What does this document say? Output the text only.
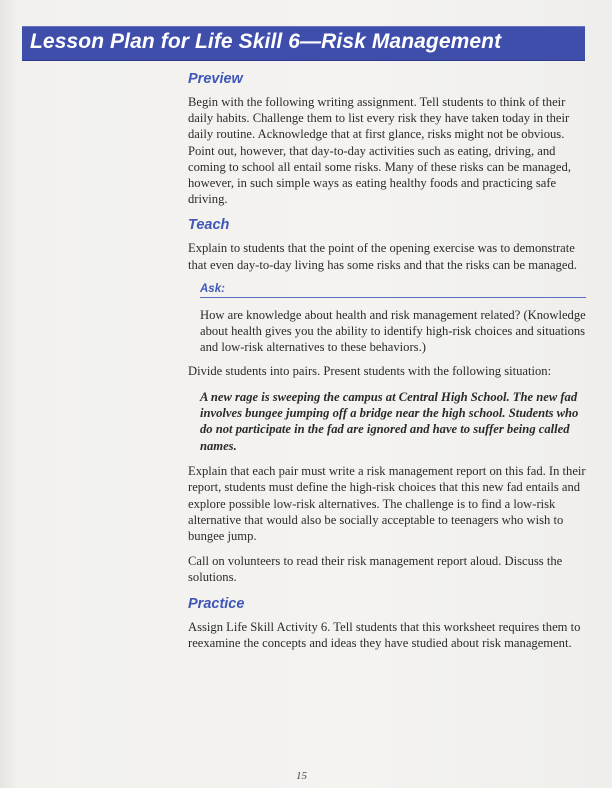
Lesson Plan for Life Skill 6—Risk Management
Preview

Begin with the following writing assignment. Tell students to think of their daily habits. Challenge them to list every risk they have taken today in their daily routine. Acknowledge that at first glance, risks might not be obvious. Point out, however, that day-to-day activities such as eating, driving, and coming to school all entail some risks. Many of these risks can be managed, however, in such simple ways as eating healthy foods and practicing safe driving.

Teach

Explain to students that the point of the opening exercise was to demonstrate that even day-to-day living has some risks and that the risks can be managed.

Ask:

How are knowledge about health and risk management related? (Knowledge about health gives you the ability to identify high-risk choices and situations and low-risk alternatives to these behaviors.)

Divide students into pairs. Present students with the following situation:

A new rage is sweeping the campus at Central High School. The new fad involves bungee jumping off a bridge near the high school. Students who do not participate in the fad are ignored and have to suffer being called names.

Explain that each pair must write a risk management report on this fad. In their report, students must define the high-risk choices that this new fad entails and explore possible low-risk alternatives. The challenge is to find a low-risk alternative that would also be socially acceptable to teenagers who wish to bungee jump.

Call on volunteers to read their risk management report aloud. Discuss the solutions.

Practice

Assign Life Skill Activity 6. Tell students that this worksheet requires them to reexamine the concepts and ideas they have studied about risk management.

15
